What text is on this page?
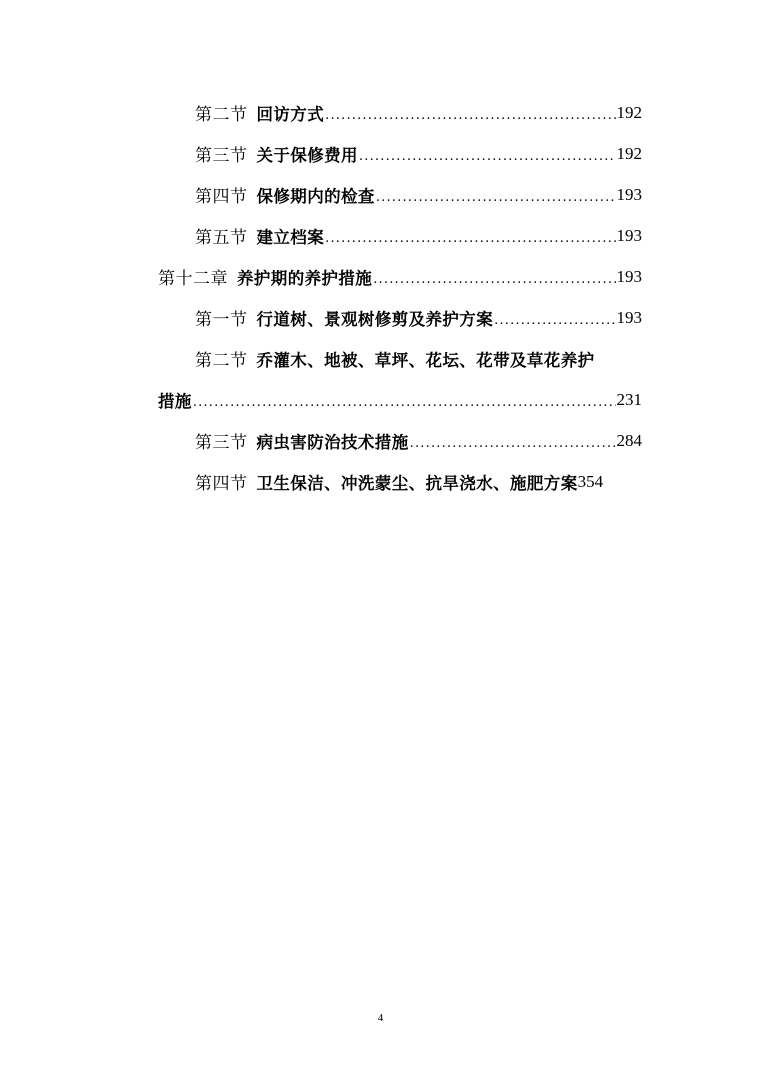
第二节 回访方式 .....	192
第三节 关于保修费用 .....	192
第四节 保修期内的检查 .....	193
第五节 建立档案 .....	193
第十二章 养护期的养护措施 .....	193
第一节 行道树、景观树修剪及养护方案 .....	193
第二节 乔灌木、地被、草坪、花坛、花带及草花养护
措施 .....	231
第三节 病虫害防治技术措施 .....	284
第四节 卫生保洁、冲洗蒙尘、抗旱浇水、施肥方案 354
4
